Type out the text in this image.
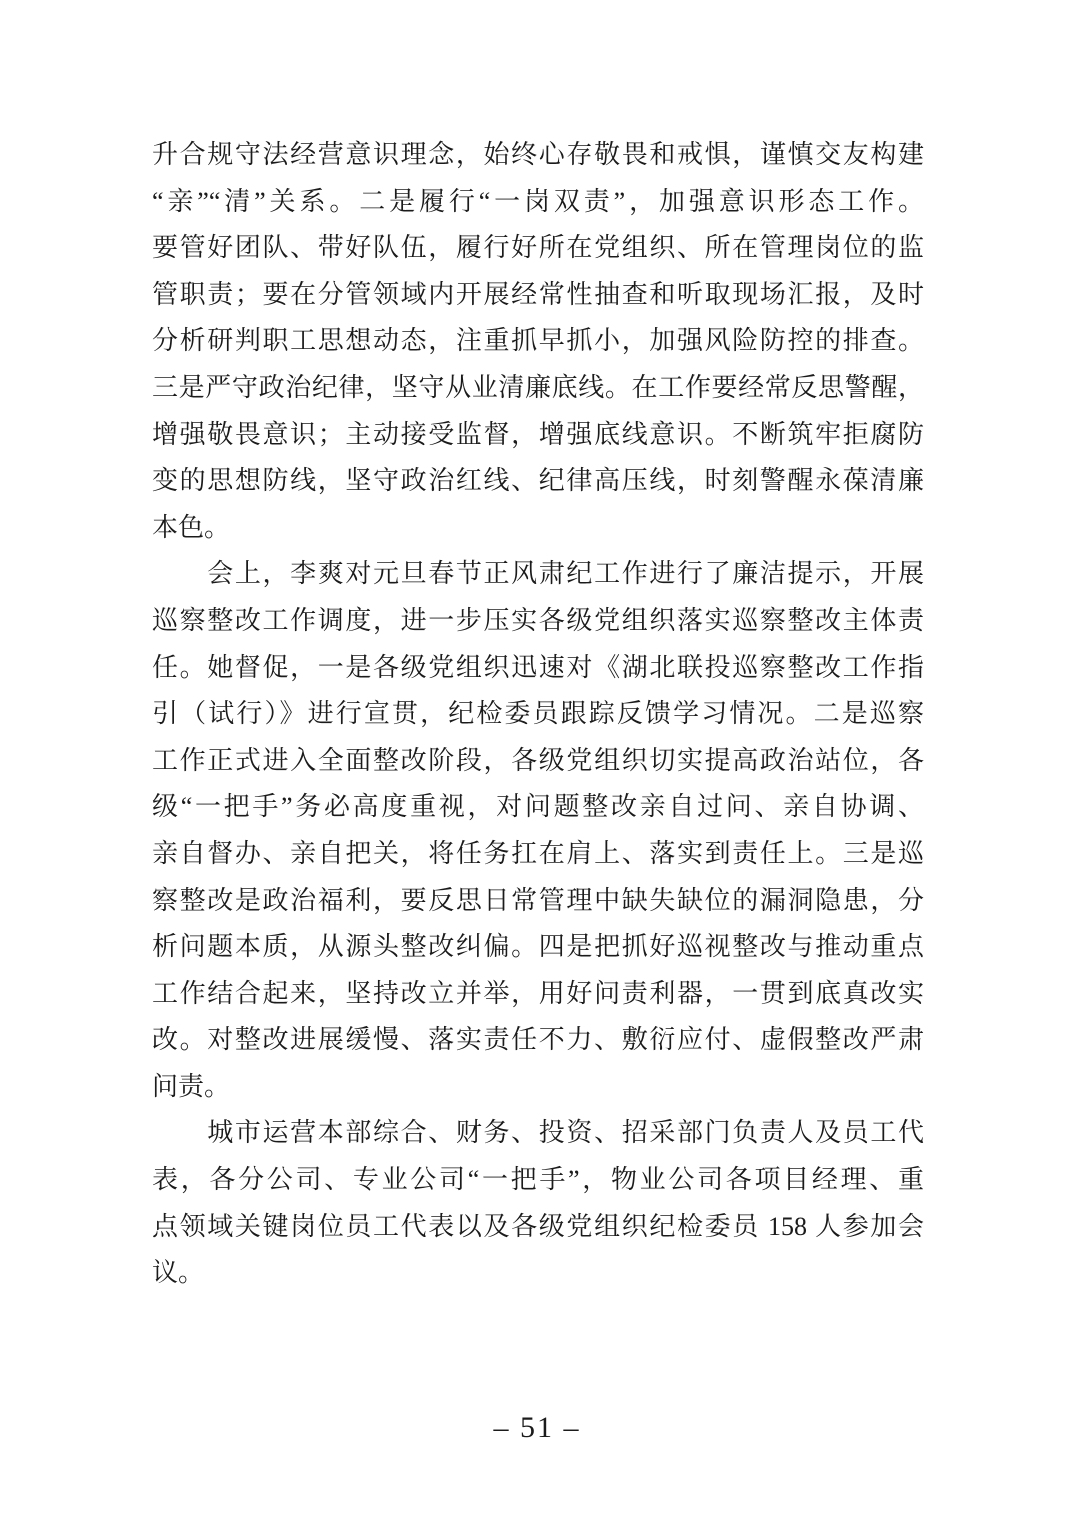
升合规守法经营意识理念，始终心存敬畏和戒惧，谨慎交友构建
“亲”“清”关系。二是履行“一岗双责”，加强意识形态工作。
要管好团队、带好队伍，履行好所在党组织、所在管理岗位的监
管职责；要在分管领域内开展经常性抽查和听取现场汇报，及时
分析研判职工思想动态，注重抓早抓小，加强风险防控的排查。
三是严守政治纪律，坚守从业清廉底线。在工作要经常反思警醒，
增强敬畏意识；主动接受监督，增强底线意识。不断筑牢拒腐防
变的思想防线，坚守政治红线、纪律高压线，时刻警醒永葆清廉
本色。
　　会上，李爽对元旦春节正风肃纪工作进行了廉洁提示，开展
巡察整改工作调度，进一步压实各级党组织落实巡察整改主体责
任。她督促，一是各级党组织迅速对《湖北联投巡察整改工作指
引（试行）》进行宣贯，纪检委员跟踪反馈学习情况。二是巡察
工作正式进入全面整改阶段，各级党组织切实提高政治站位，各
级“一把手”务必高度重视，对问题整改亲自过问、亲自协调、
亲自督办、亲自把关，将任务扛在肩上、落实到责任上。三是巡
察整改是政治福利，要反思日常管理中缺失缺位的漏洞隐患，分
析问题本质，从源头整改纠偏。四是把抓好巡视整改与推动重点
工作结合起来，坚持改立并举，用好问责利器，一贯到底真改实
改。对整改进展缓慢、落实责任不力、敷衍应付、虚假整改严肃
问责。
　　城市运营本部综合、财务、投资、招采部门负责人及员工代
表，各分公司、专业公司“一把手”，物业公司各项目经理、重
点领域关键岗位员工代表以及各级党组织纪检委员 158 人参加会
议。
– 51 –
